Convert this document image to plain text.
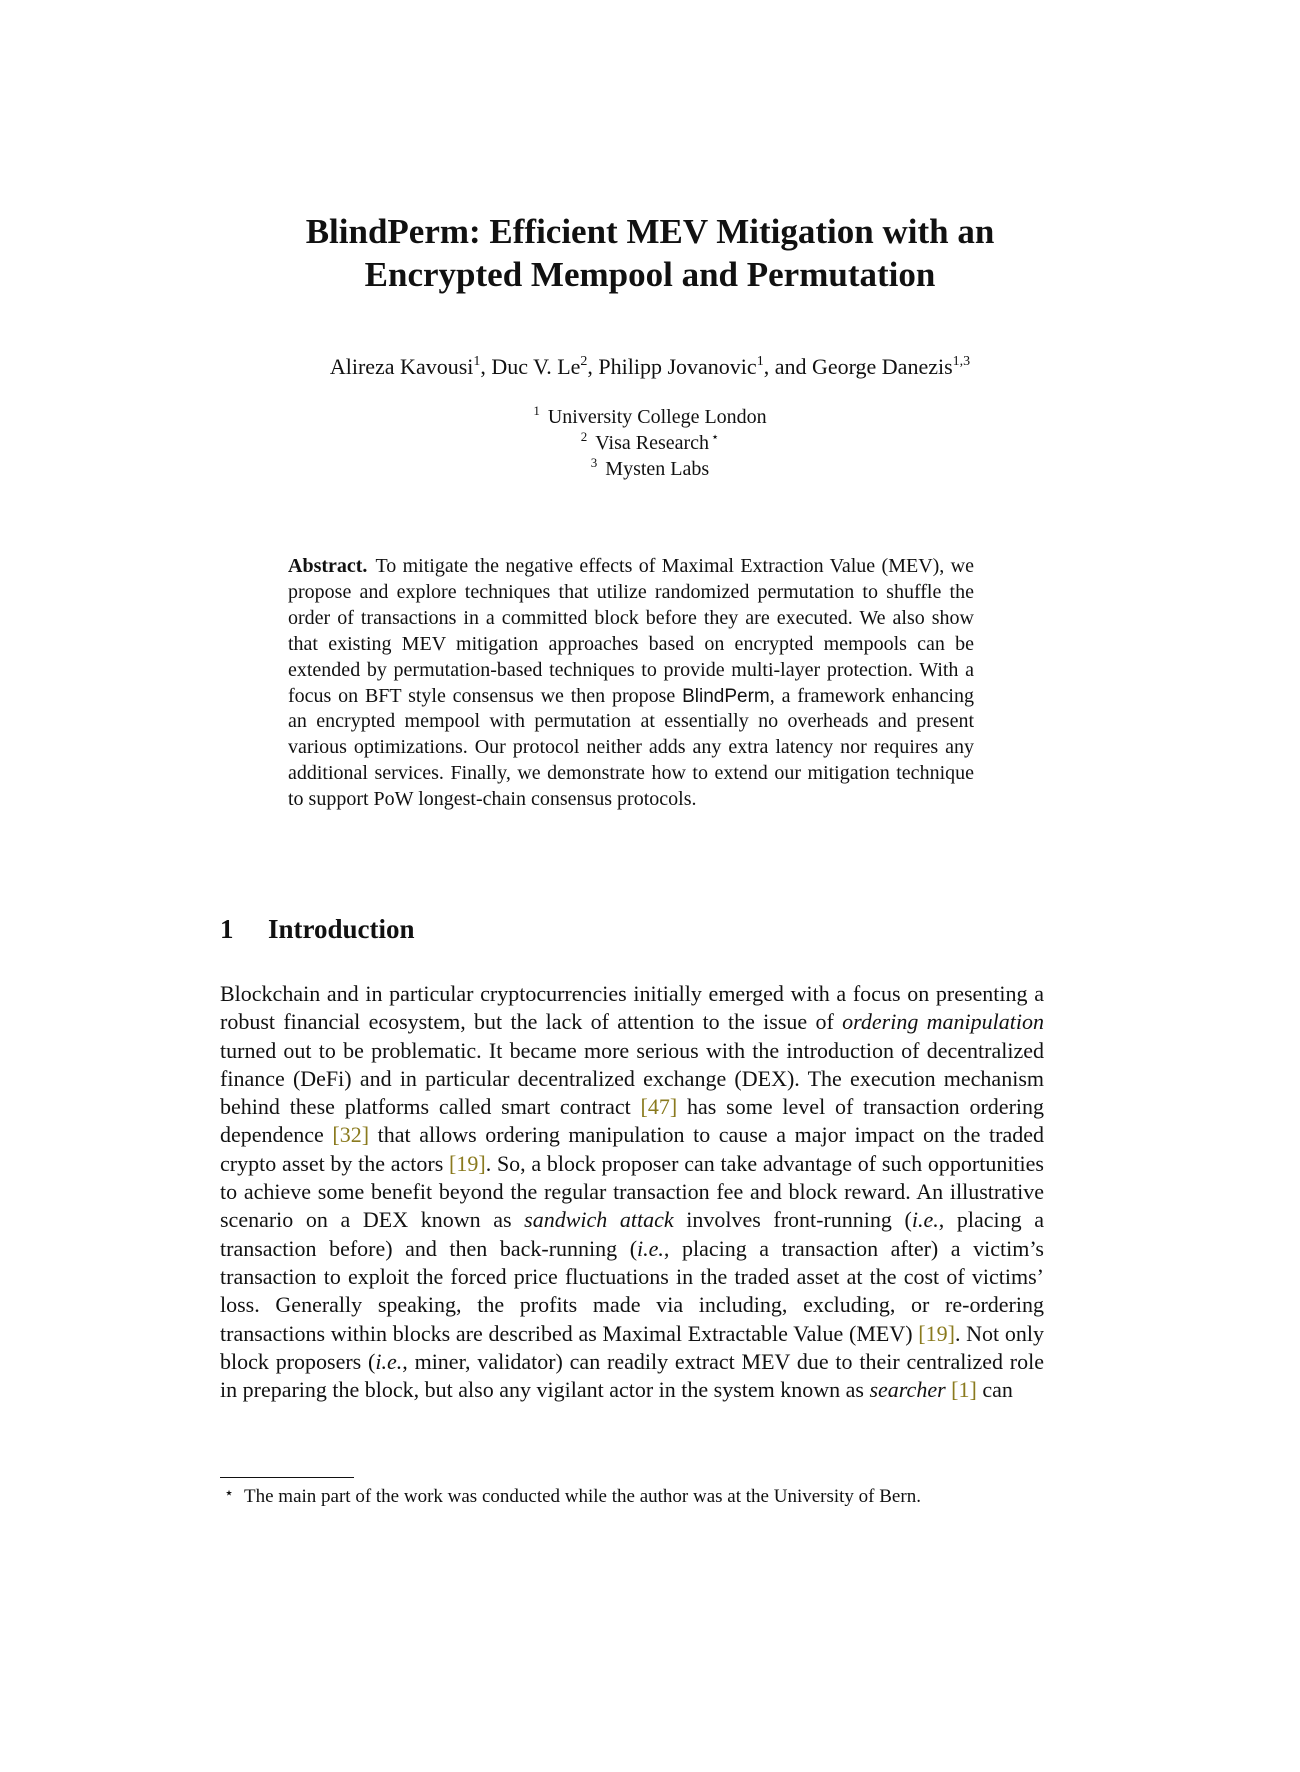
BlindPerm: Efficient MEV Mitigation with an
Encrypted Mempool and Permutation
Alireza Kavousi$^1$, Duc V. Le$^2$, Philipp Jovanovic$^1$, and George Danezis$^{1,3}$
$^1$ University College London
$^2$ Visa Research ⋆
$^3$ Mysten Labs
Abstract. To mitigate the negative effects of Maximal Extraction Value (MEV), we propose and explore techniques that utilize randomized permutation to shuffle the order of transactions in a committed block before they are executed. We also show that existing MEV mitigation approaches based on encrypted mempools can be extended by permutation-based techniques to provide multi-layer protection. With a focus on BFT style consensus we then propose BlindPerm, a framework enhancing an encrypted mempool with permutation at essentially no overheads and present various optimizations. Our protocol neither adds any extra latency nor requires any additional services. Finally, we demonstrate how to extend our mitigation technique to support PoW longest-chain consensus protocols.
1 Introduction
Blockchain and in particular cryptocurrencies initially emerged with a focus on presenting a robust financial ecosystem, but the lack of attention to the issue of ordering manipulation turned out to be problematic. It became more serious with the introduction of decentralized finance (DeFi) and in particular decentralized exchange (DEX). The execution mechanism behind these platforms called smart contract [47] has some level of transaction ordering dependence [32] that allows ordering manipulation to cause a major impact on the traded crypto asset by the actors [19]. So, a block proposer can take advantage of such opportunities to achieve some benefit beyond the regular transaction fee and block reward. An illustrative scenario on a DEX known as sandwich attack involves front-running (i.e., placing a transaction before) and then back-running (i.e., placing a transaction after) a victim’s transaction to exploit the forced price fluctuations in the traded asset at the cost of victims’ loss. Generally speaking, the profits made via including, excluding, or re-ordering transactions within blocks are described as Maximal Extractable Value (MEV) [19]. Not only block proposers (i.e., miner, validator) can readily extract MEV due to their centralized role in preparing the block, but also any vigilant actor in the system known as searcher [1] can
⋆ The main part of the work was conducted while the author was at the University of Bern.
